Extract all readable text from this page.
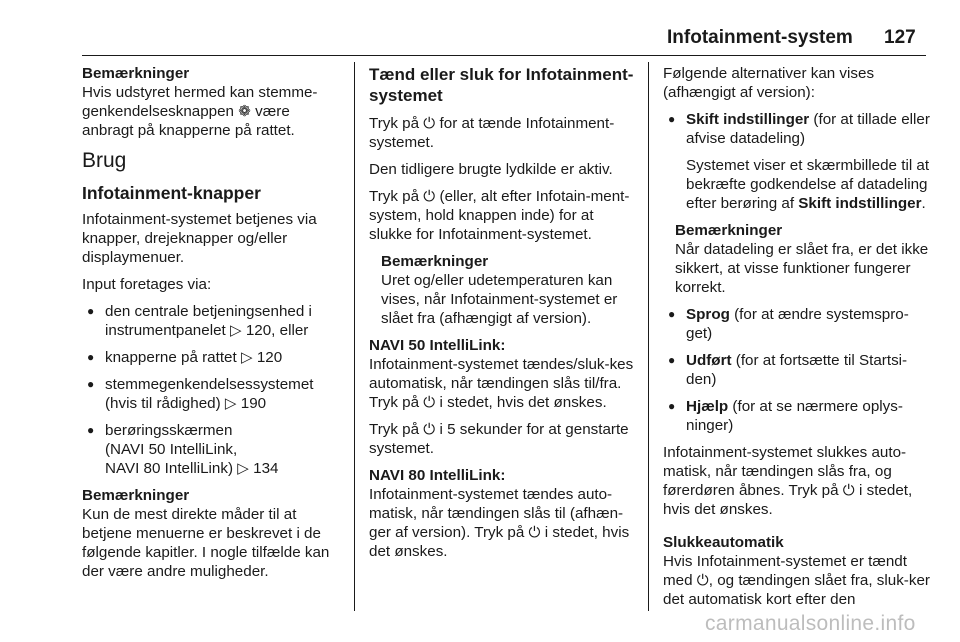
Infotainment-system 127
Bemærkninger
Hvis udstyret hermed kan stemme-
genkendelsesknappen ❁ være
anbragt på knapperne på rattet.
Brug
Infotainment-knapper

Infotainment-systemet betjenes via knapper, drejeknapper og/eller displaymenuer.

Input foretages via:

● den centrale betjeningsenhed i
instrumentpanelet ▷ 120, eller
● knapperne på rattet ▷ 120
● stemmegenkendelsessystemet
(hvis til rådighed) ▷ 190
● berøringsskærmen
(NAVI 50 IntelliLink,
NAVI 80 IntelliLink) ▷ 134
Bemærkninger
Kun de mest direkte måder til at betjene menuerne er beskrevet i de følgende kapitler. I nogle tilfælde kan der være andre muligheder.
Tænd eller sluk for Infotainment-systemet

Tryk på ⏻ for at tænde Infotainment-systemet.

Den tidligere brugte lydkilde er aktiv.

Tryk på ⏻ (eller, alt efter Infotain-ment-system, hold knappen inde) for at slukke for Infotainment-systemet.

Bemærkninger
Uret og/eller udetemperaturen kan vises, når Infotainment-systemet er slået fra (afhængigt af version).
NAVI 50 IntelliLink:

Infotainment-systemet tændes/sluk-kes automatisk, når tændingen slås til/fra. Tryk på ⏻ i stedet, hvis det ønskes.

Tryk på ⏻ i 5 sekunder for at genstarte systemet.

NAVI 80 IntelliLink:

Infotainment-systemet tændes auto-matisk, når tændingen slås til (afhæn-ger af version). Tryk på ⏻ i stedet, hvis det ønskes.

Følgende alternativer kan vises (afhængigt af version):

● Skift indstillinger (for at tillade eller afvise datadeling)
Systemet viser et skærmbillede til at bekræfte godkendelse af datadeling efter berøring af Skift indstillinger.
Bemærkninger
Når datadeling er slået fra, er det ikke sikkert, at visse funktioner fungerer korrekt.
● Sprog (for at ændre systemspro-get)
● Udført (for at fortsætte til Startsi-den)
● Hjælp (for at se nærmere oplys-ninger)

Infotainment-systemet slukkes auto-matisk, når tændingen slås fra, og førerdøren åbnes. Tryk på ⏻ i stedet, hvis det ønskes.

Slukkeautomatik
Hvis Infotainment-systemet er tændt med ⏻, og tændingen slået fra, sluk-ker det automatisk kort efter den
carmanualsonline.info
